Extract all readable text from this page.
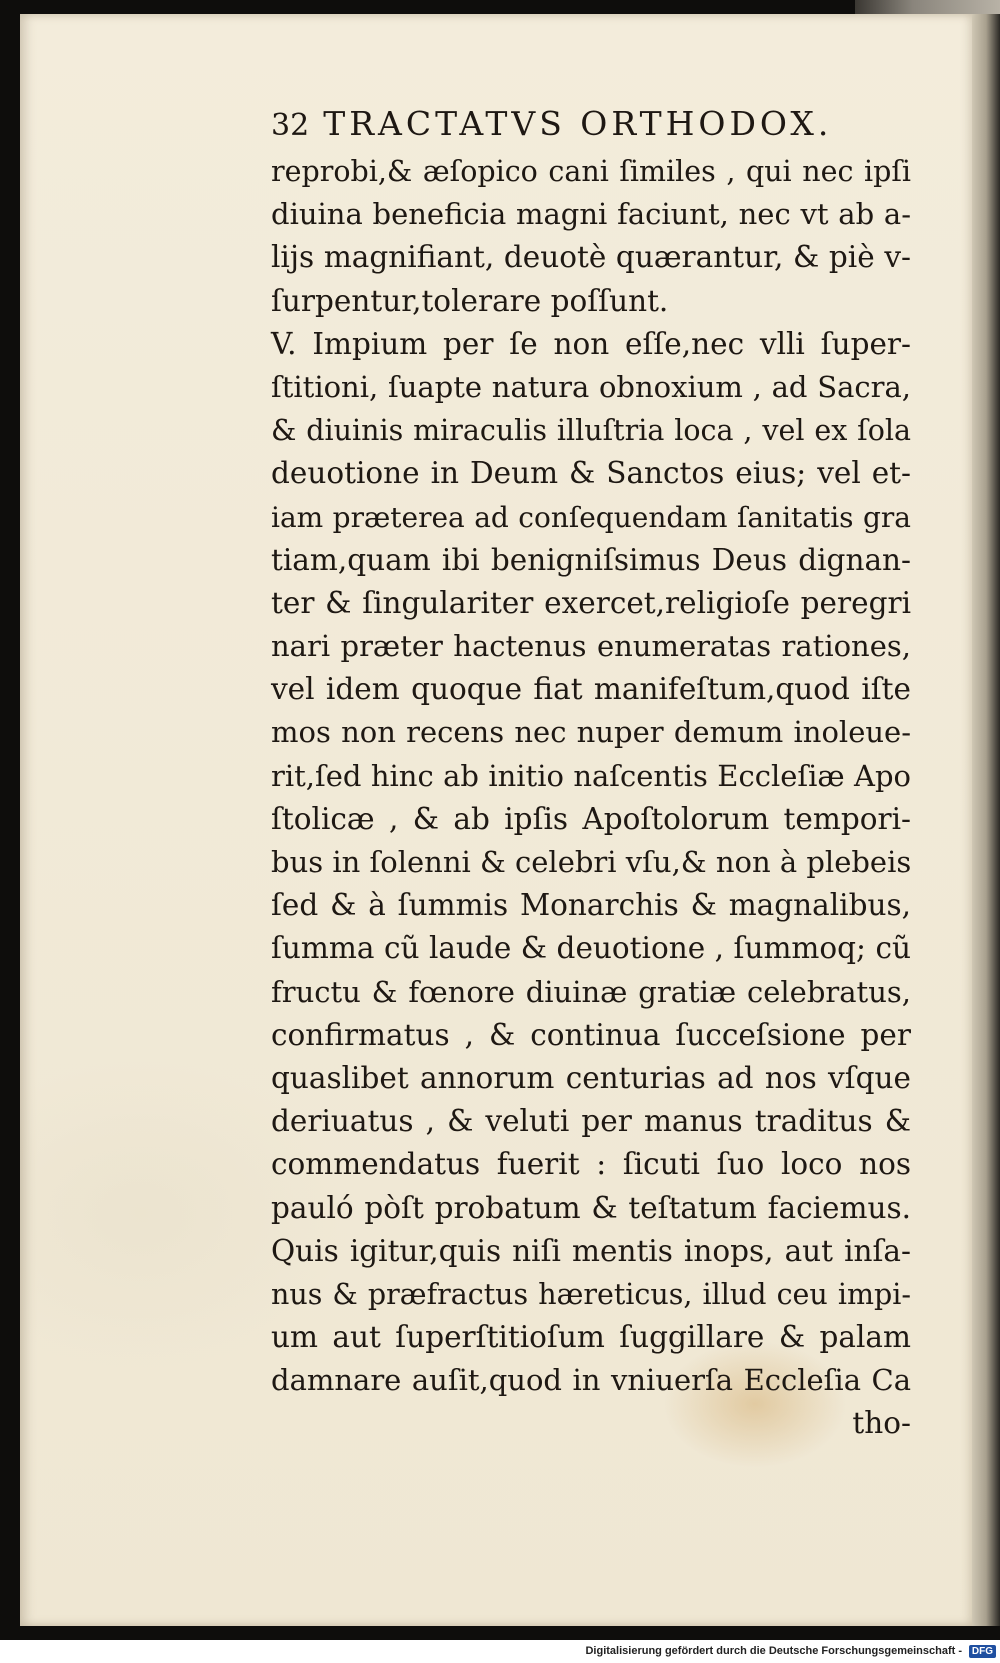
32 TRACTATVS ORTHODOX.
reprobi,& æſopico cani ſimiles , qui nec ipſi
diuina beneficia magni faciunt, nec vt ab a-
lijs magnifiant, deuotè quærantur, & piè v-
ſurpentur,tolerare poſſunt.
V. Impium per ſe non eſſe,nec vlli ſuper-
ſtitioni, ſuapte natura obnoxium , ad Sacra,
& diuinis miraculis illuſtria loca , vel ex ſola
deuotione in Deum & Sanctos eius; vel et-
iam præterea ad conſequendam ſanitatis gra
tiam,quam ibi benigniſsimus Deus dignan-
ter & ſingulariter exercet,religioſe peregri
nari præter hactenus enumeratas rationes,
vel idem quoque fiat manifeſtum,quod iſte
mos non recens nec nuper demum inoleue-
rit,ſed hinc ab initio naſcentis Eccleſiæ Apo
ſtolicæ , & ab ipſis Apoſtolorum tempori-
bus in ſolenni & celebri vſu,& non à plebeis
ſed & à ſummis Monarchis & magnalibus,
ſumma cũ laude & deuotione , ſummoq; cũ
fructu & fœnore diuinæ gratiæ celebratus,
confirmatus , & continua ſucceſsione per
quaslibet annorum centurias ad nos vſque
deriuatus , & veluti per manus traditus &
commendatus fuerit : ſicuti ſuo loco nos
pauló pòſt probatum & teſtatum faciemus.
Quis igitur,quis niſi mentis inops, aut inſa-
nus & præfractus hæreticus, illud ceu impi-
um aut ſuperſtitioſum ſuggillare & palam
damnare auſit,quod in vniuerſa Eccleſia Ca
tho-
Digitalisierung gefördert durch die Deutsche Forschungsgemeinschaft - DFG
